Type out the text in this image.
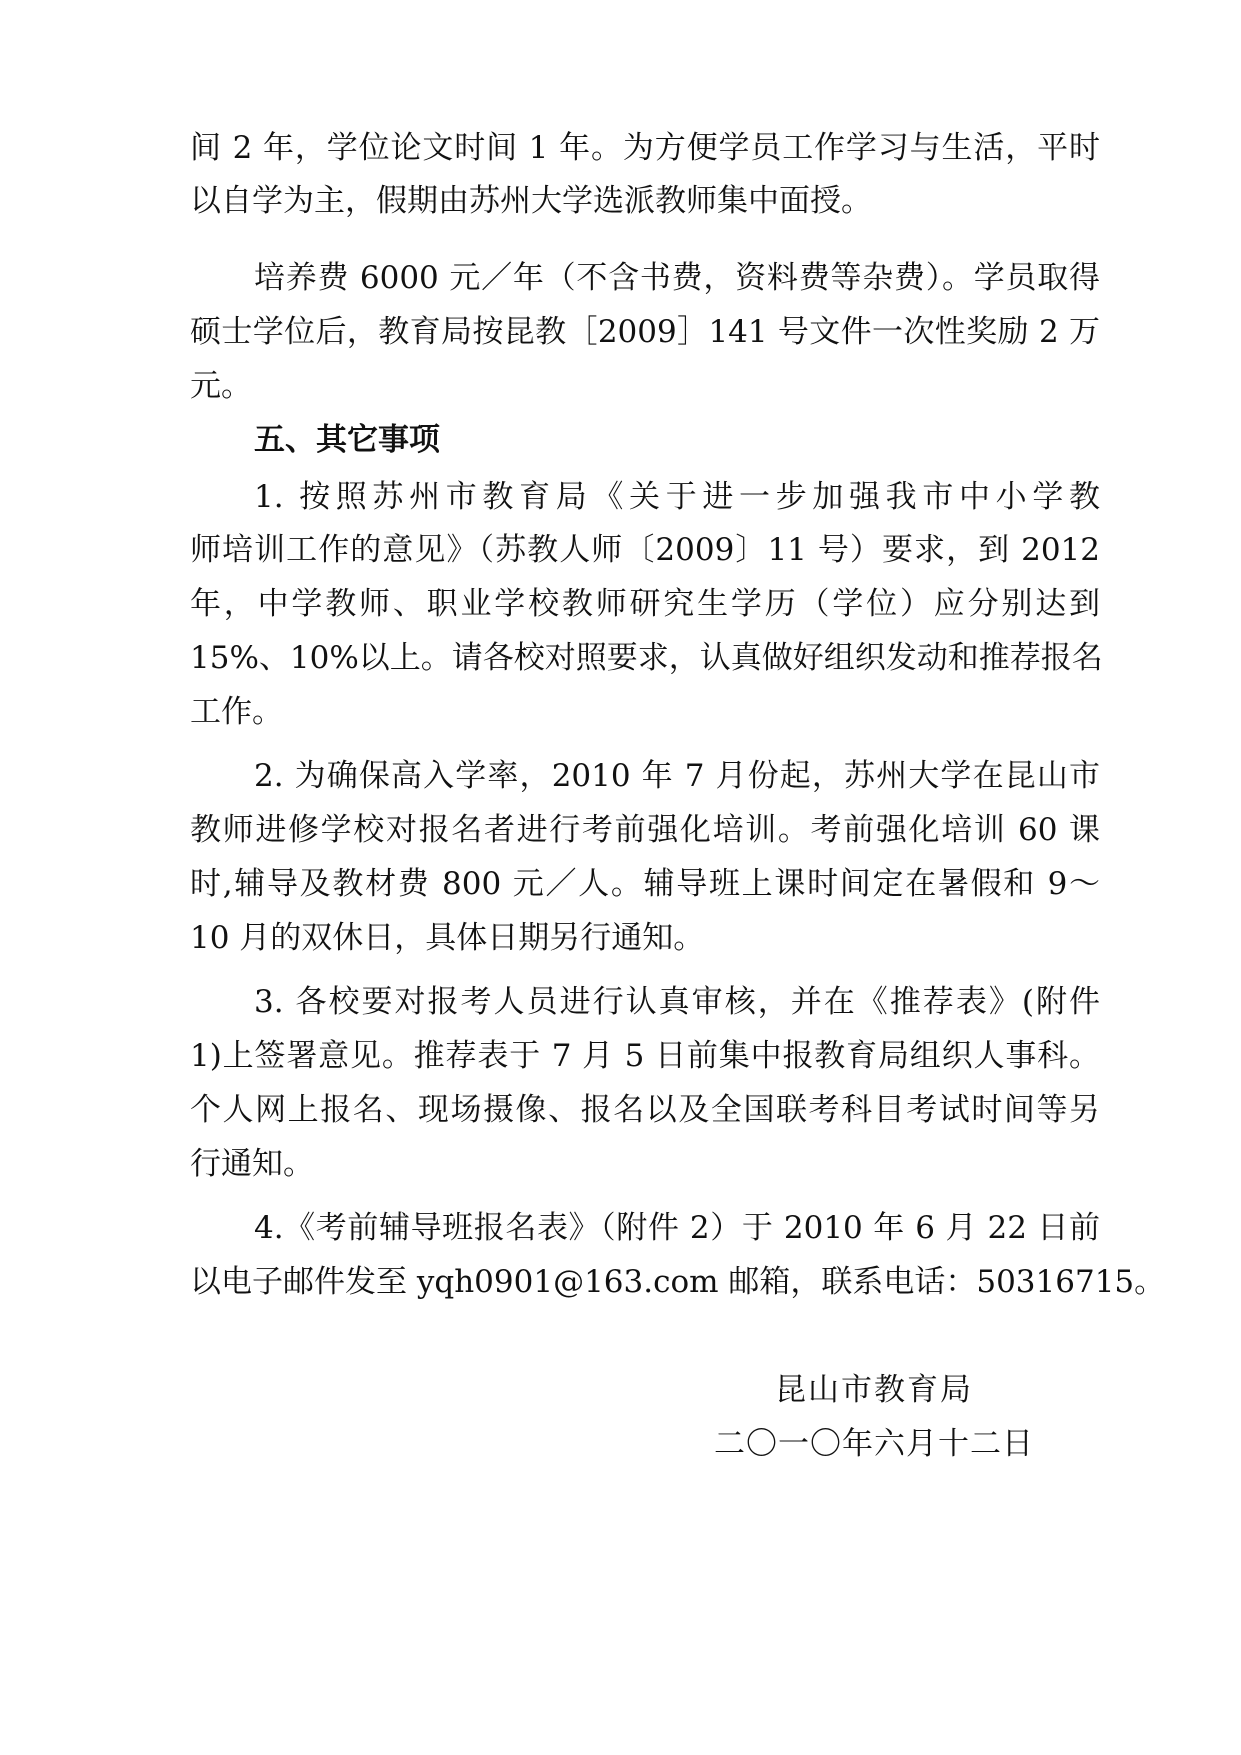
间 2 年，学位论文时间 1 年。为方便学员工作学习与生活，平时
以自学为主，假期由苏州大学选派教师集中面授。
培养费 6000 元／年（不含书费，资料费等杂费）。学员取得
硕士学位后，教育局按昆教［2009］141 号文件一次性奖励 2 万
元。
五、其它事项
1. 按照苏州市教育局《关于进一步加强我市中小学教
师培训工作的意见》（苏教人师〔2009〕11 号）要求，到 2012
年，中学教师、职业学校教师研究生学历（学位）应分别达到
15%、10%以上。请各校对照要求，认真做好组织发动和推荐报名
工作。
2. 为确保高入学率，2010 年 7 月份起，苏州大学在昆山市
教师进修学校对报名者进行考前强化培训。考前强化培训 60 课
时,辅导及教材费 800 元／人。辅导班上课时间定在暑假和 9～
10 月的双休日，具体日期另行通知。
3. 各校要对报考人员进行认真审核，并在《推荐表》(附件
1)上签署意见。推荐表于 7 月 5 日前集中报教育局组织人事科。
个人网上报名、现场摄像、报名以及全国联考科目考试时间等另
行通知。
4.《考前辅导班报名表》（附件 2）于 2010 年 6 月 22 日前
以电子邮件发至 yqh0901@163.com 邮箱，联系电话：50316715。
昆山市教育局
二〇一〇年六月十二日
